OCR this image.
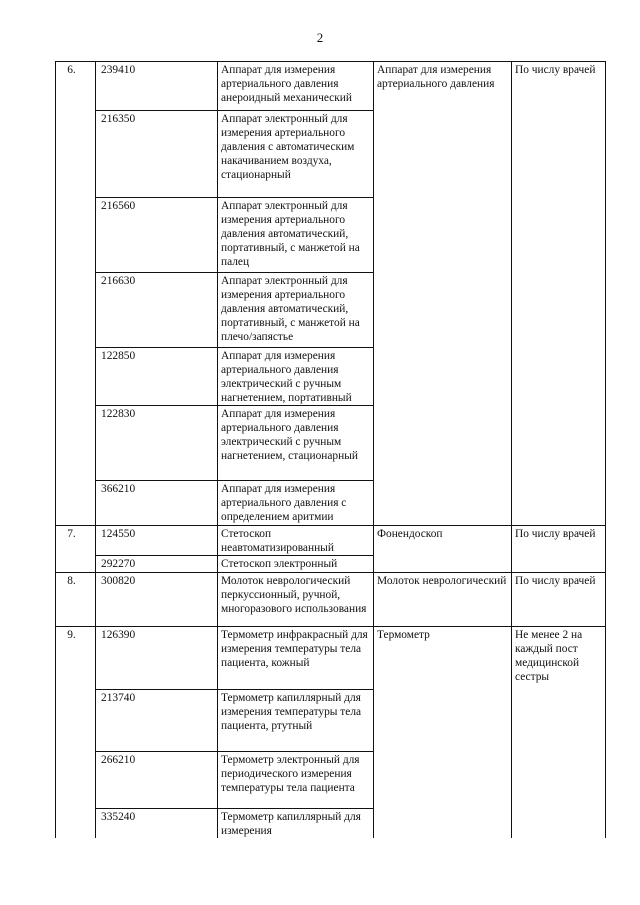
2
6.	239410	Аппарат для измерения артериального давления анероидный механический	Аппарат для измерения артериального давления	По числу врачей
	216350	Аппарат электронный для измерения артериального давления с автоматическим накачиванием воздуха, стационарный		
	216560	Аппарат электронный для измерения артериального давления автоматический, портативный, с манжетой на палец		
	216630	Аппарат электронный для измерения артериального давления автоматический, портативный, с манжетой на плечо/запястье		
	122850	Аппарат для измерения артериального давления электрический с ручным нагнетением, портативный		
	122830	Аппарат для измерения артериального давления электрический с ручным нагнетением, стационарный		
	366210	Аппарат для измерения артериального давления с определением аритмии		
7.	124550	Стетоскоп неавтоматизированный	Фонендоскоп	По числу врачей
	292270	Стетоскоп электронный		
8.	300820	Молоток неврологический перкуссионный, ручной, многоразового использования	Молоток неврологический	По числу врачей
9.	126390	Термометр инфракрасный для измерения температуры тела пациента, кожный	Термометр	Не менее 2 на каждый пост медицинской сестры
	213740	Термометр капиллярный для измерения температуры тела пациента, ртутный		
	266210	Термометр электронный для периодического измерения температуры тела пациента		
	335240	Термометр капиллярный для измерения		
